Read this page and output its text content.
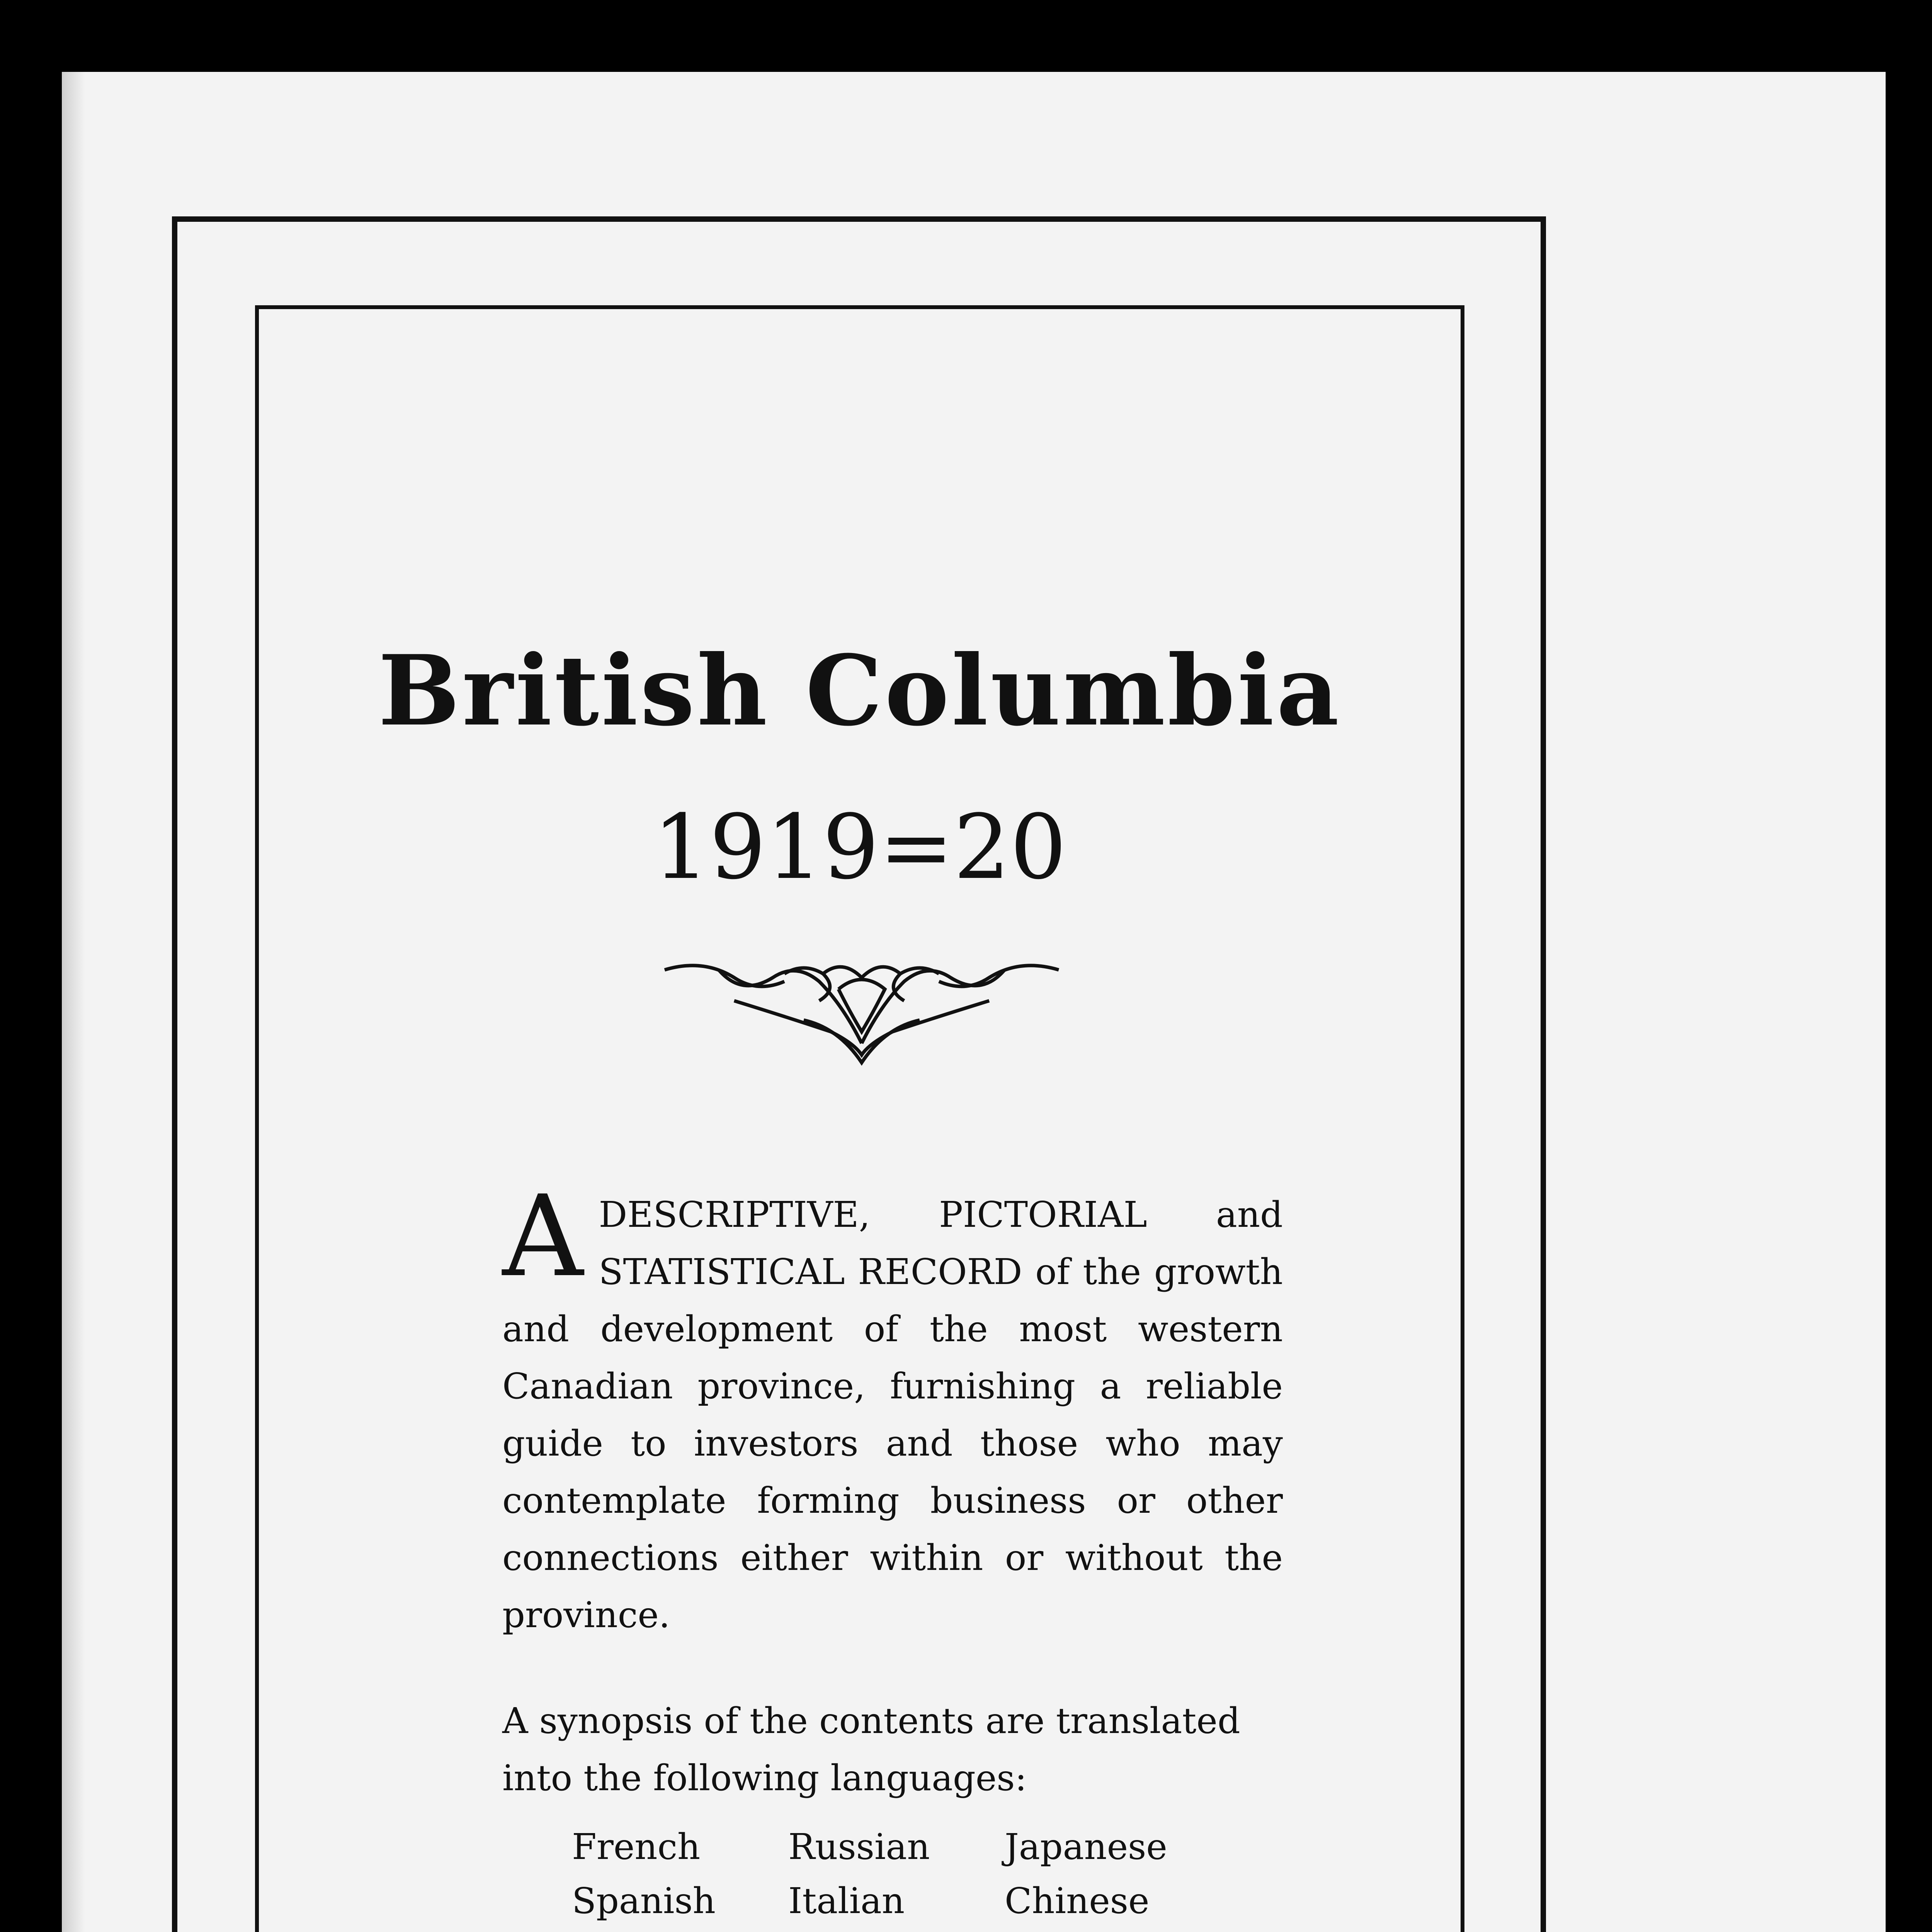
British Columbia
1919=20
A DESCRIPTIVE, PICTORIAL and STATISTICAL RECORD of the growth and development of the most western Canadian province, furnishing a reliable guide to investors and those who may contemplate forming business or other connections either within or without the province.
A synopsis of the contents are translated into the following languages:
French	Russian	Japanese
Spanish	Italian	Chinese
